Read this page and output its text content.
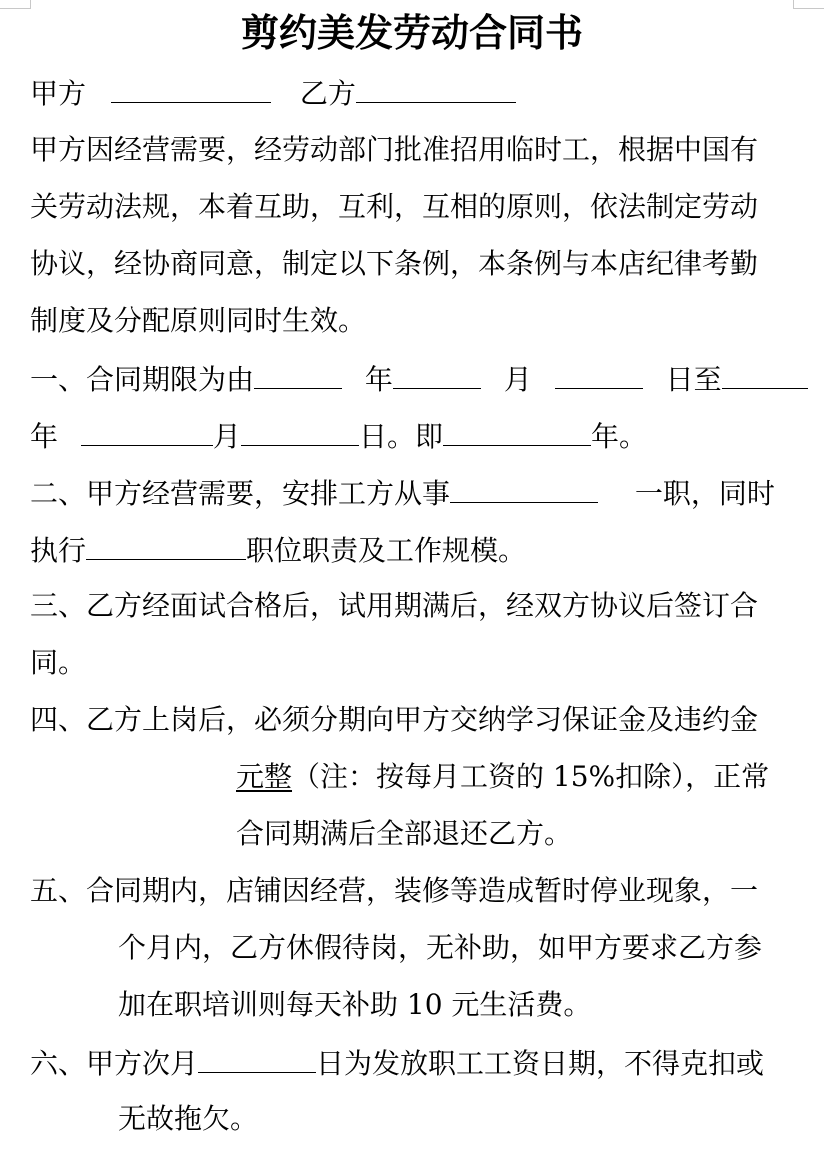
剪约美发劳动合同书
甲方	乙方
甲方因经营需要，经劳动部门批准招用临时工，根据中国有
关劳动法规，本着互助，互利，互相的原则，依法制定劳动
协议，经协商同意，制定以下条例，本条例与本店纪律考勤
制度及分配原则同时生效。
一、合同期限为由	年	月	日至
年	月	日。即	年。
二、甲方经营需要，安排工方从事	一职，同时
执行	职位职责及工作规模。
三、乙方经面试合格后，试用期满后，经双方协议后签订合
同。
四、乙方上岗后，必须分期向甲方交纳学习保证金及违约金
元整（注：按每月工资的 15%扣除），正常
合同期满后全部退还乙方。
五、合同期内，店铺因经营，装修等造成暂时停业现象，一
个月内，乙方休假待岗，无补助，如甲方要求乙方参
加在职培训则每天补助 10 元生活费。
六、甲方次月	日为发放职工工资日期，不得克扣或
无故拖欠。
